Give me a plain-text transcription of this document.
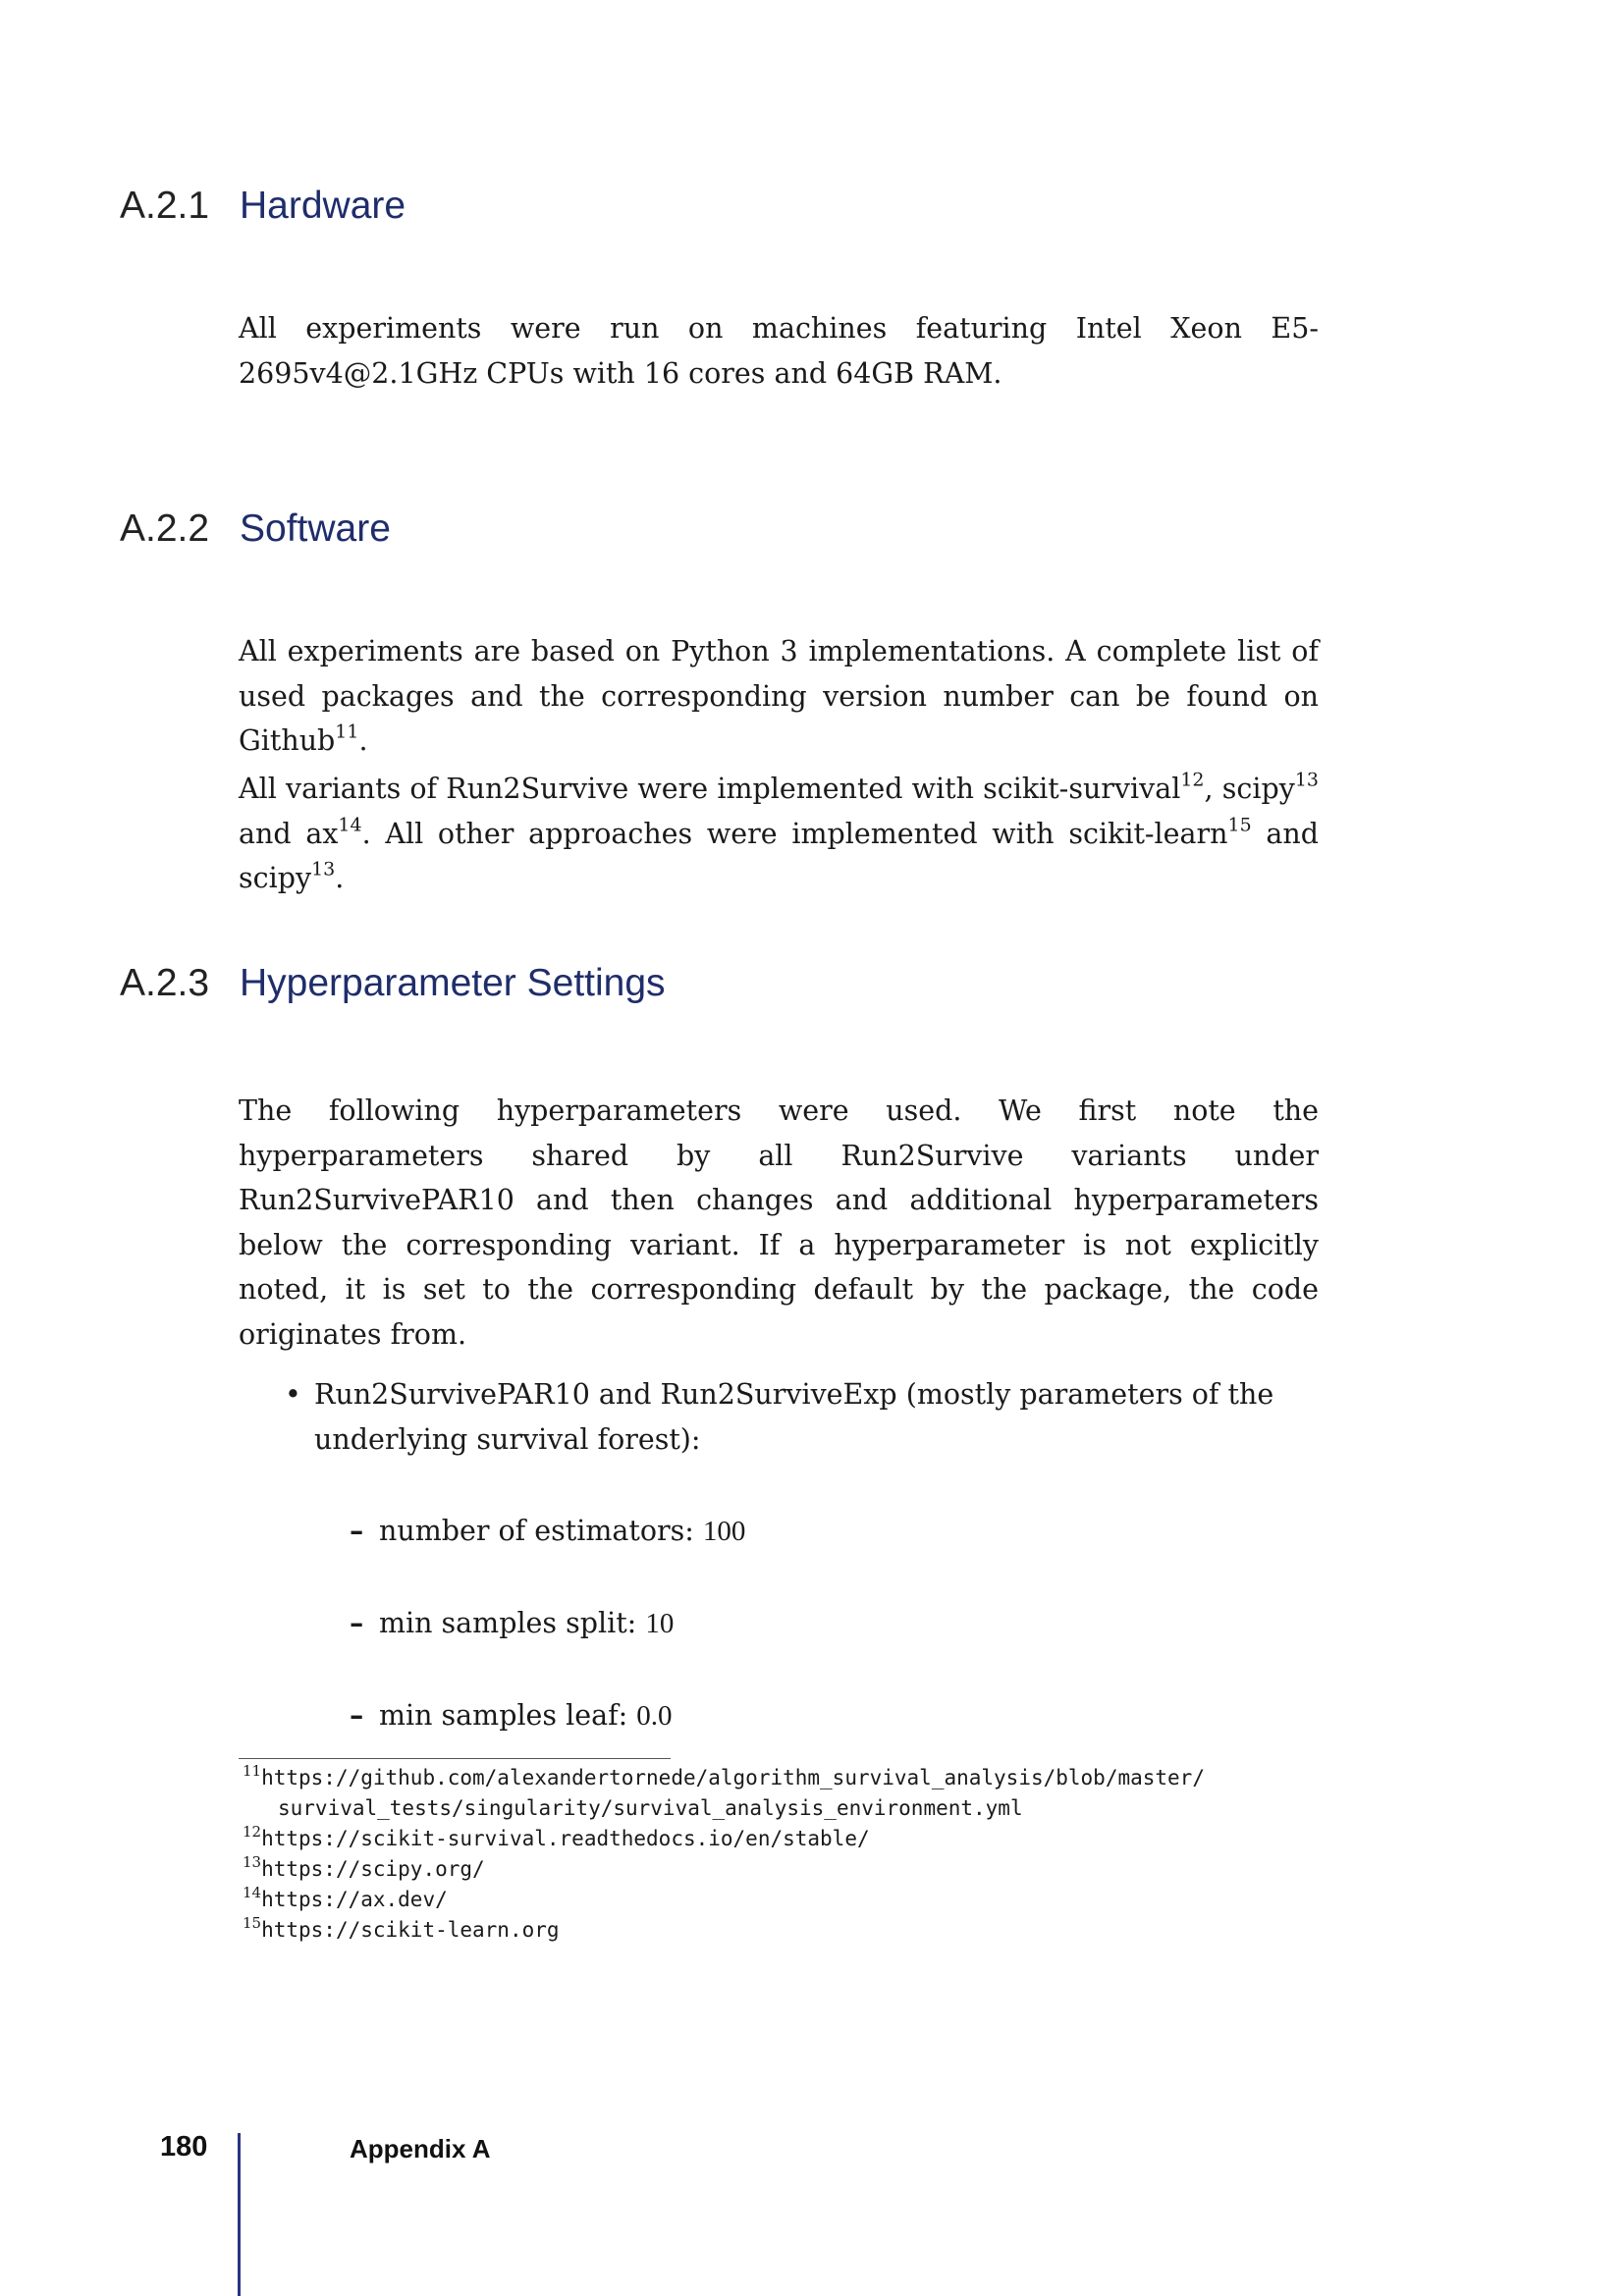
A.2.1 Hardware

All experiments were run on machines featuring Intel Xeon E5-2695v4@2.1GHz CPUs with 16 cores and 64GB RAM.

A.2.2 Software

All experiments are based on Python 3 implementations. A complete list of used packages and the corresponding version number can be found on Github$^{11}$.

All variants of Run2Survive were implemented with scikit-survival$^{12}$, scipy$^{13}$ and $ax^{14}$. All other approaches were implemented with scikit-learn$^{15}$ and scipy$^{13}$.

A.2.3 Hyperparameter Settings

The following hyperparameters were used. We first note the hyperparameters shared by all Run2Survive variants under Run2SurvivePAR10 and then changes and additional hyperparameters below the corresponding variant. If a hyperparameter is not explicitly noted, it is set to the corresponding default by the package, the code originates from.

• Run2SurvivePAR10 and Run2SurviveExp (mostly parameters of the underlying survival forest):
– number of estimators: 100
– min samples split: 10
– min samples leaf: 0.0
$^{11}$https://github.com/alexandertornede/algorithm_survival_analysis/blob/master/
survival_tests/singularity/survival_analysis_environment.yml
$^{12}$https://scikit-survival.readthedocs.io/en/stable/
$^{13}$https://scipy.org/
$^{14}$https://ax.dev/
$^{15}$https://scikit-learn.org
180	Appendix A
